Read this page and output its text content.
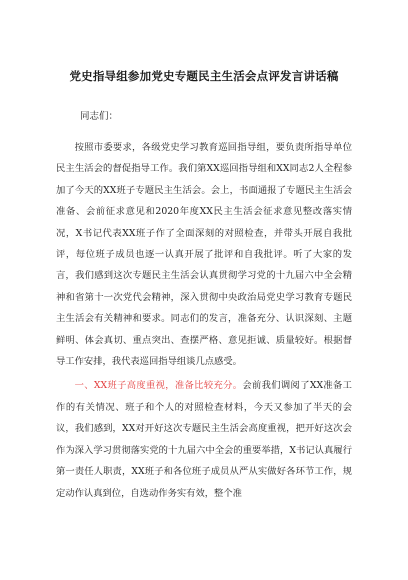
党史指导组参加党史专题民主生活会点评发言讲话稿

同志们：

按照市委要求，各级党史学习教育巡回指导组，要负责所指导单位民主生活会的督促指导工作。我们第XX巡回指导组和XX同志2人全程参加了今天的XX班子专题民主生活会。会上，书面通报了专题民主生活会准备、会前征求意见和2020年度XX民主生活会征求意见整改落实情况，X书记代表XX班子作了全面深刻的对照检查，并带头开展自我批评，每位班子成员也逐一认真开展了批评和自我批评。听了大家的发言，我们感到这次专题民主生活会认真贯彻学习党的十九届六中全会精神和省第十一次党代会精神，深入贯彻中央政治局党史学习教育专题民主生活会有关精神和要求。同志们的发言，准备充分、认识深刻、主题鲜明、体会真切、重点突出、查摆严格、意见拒诚、质量较好。根据督导工作安排，我代表巡回指导组谈几点感受。

一、XX班子高度重视，准备比较充分。会前我们调阅了XX准备工作的有关情况、班子和个人的对照检查材料，今天又参加了半天的会议，我们感到，XX对开好这次专题民主生活会高度重视，把开好这次会作为深入学习贯彻落实党的十九届六中全会的重要举措，X书记认真履行第一责任人职责，XX班子和各位班子成员从严从实做好各环节工作，规定动作认真到位，自选动作务实有效，整个准
